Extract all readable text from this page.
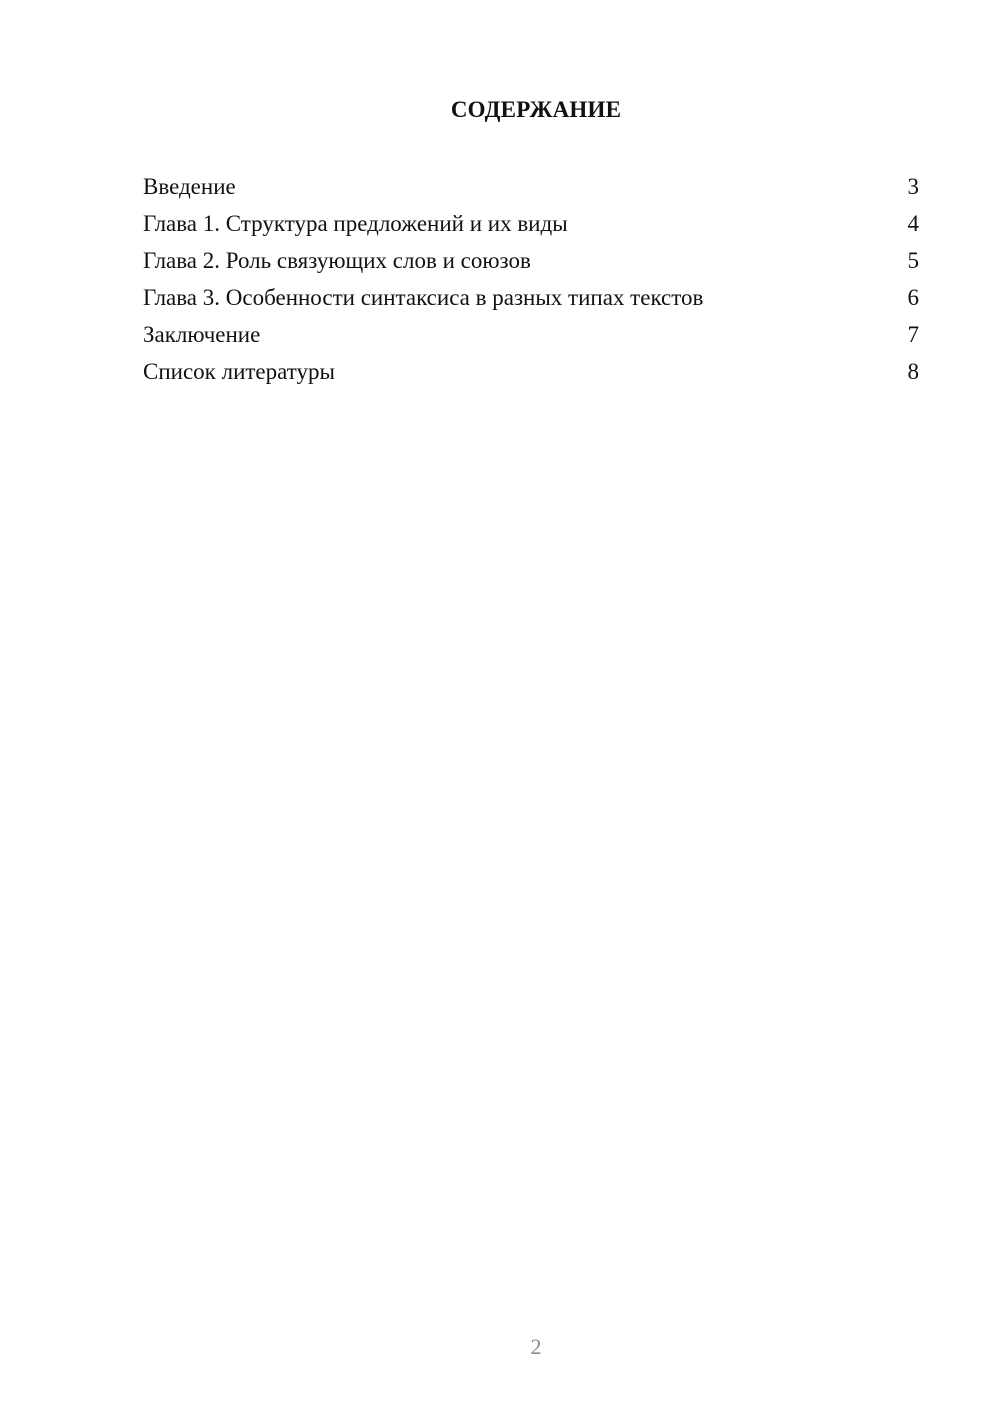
СОДЕРЖАНИЕ
Введение	3
Глава 1. Структура предложений и их виды	4
Глава 2. Роль связующих слов и союзов	5
Глава 3. Особенности синтаксиса в разных типах текстов	6
Заключение	7
Список литературы	8
2
